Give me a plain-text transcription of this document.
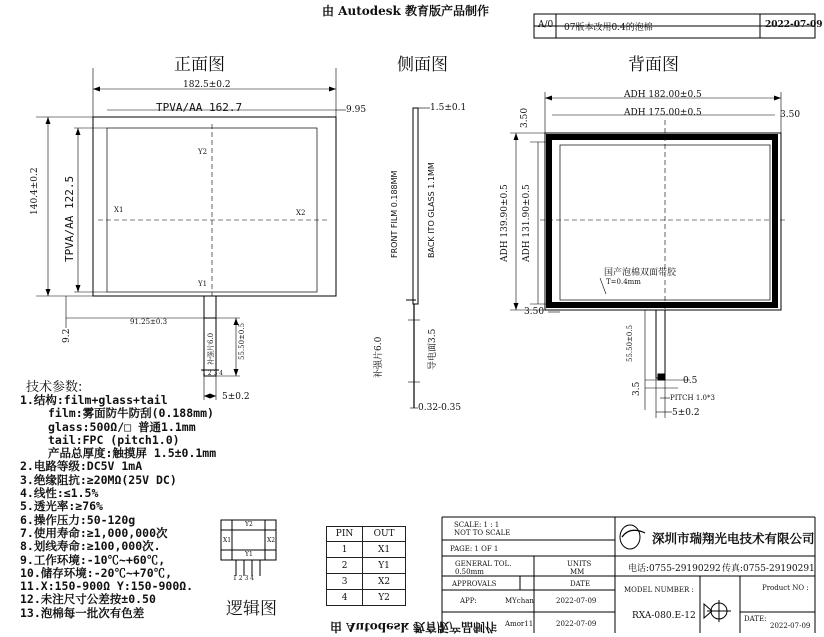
由 Autodesk 教育版产品制作
由 Autodesk 教育版产品制作
A/0 07版本改用0.4的泡棉	2022-07-09
正面图	侧面图	背面图
逻辑图
182.5±0.2
TPVA/AA 162.7	9.95
140.4±0.2 TPVA/AA 122.5
9.2
91.25±0.3
55.50±0.5
补强片6.0
1 2 3 4
5±0.2
X1	X2
Y2
Y1
1.5±0.1
FRONT FILM 0.188MM	BACK ITO GLASS 1.1MM
补强片6.0	导电面3.5
0.32-0.35
ADH 182.00±0.5
ADH 175.00±0.5	3.50
3.50
ADH 139.90±0.5 ADH 131.90±0.5
3.50
国产泡棉双面带胶
T=0.4mm
55.50±0.5
0.5
3.5
PITCH 1.0*3
5±0.2
技术参数:
1.结构:film+glass+tail
film:雾面防牛防刮(0.188mm)
glass:500Ω/□ 普通1.1mm
tail:FPC (pitch1.0)
产品总厚度:触摸屏 1.5±0.1mm
2.电路等级:DC5V 1mA
3.绝缘阻抗:≥20MΩ(25V DC)
4.线性:≤1.5%
5.透光率:≥76%
6.操作压力:50-120g
7.使用寿命:≥1,000,000次
8.划线寿命:≥100,000次.
9.工作环境:-10℃~+60℃,
10.储存环境:-20℃~+70℃,
11.X:150-900Ω Y:150-900Ω.
12.未注尺寸公差按±0.50
13.泡棉每一批次有色差
Y2
X1	X2
Y1
1 2 3 4
PIN	OUT
1	X1
2	Y1
3	X2
4	Y2
SCALE: 1 : 1
NOT TO SCALE
PAGE: 1 OF 1
GENERAL TOL.
0.50mm
UNITS
MM
APPROVALS	DATE
APP:	MYchan	2022-07-09
Amor11	2022-07-09
深圳市瑞翔光电技术有限公司
电话:0755-29190292 传真:0755-29190291
MODEL NUMBER :
RXA-080.E-12
Product NO :
DATE:
2022-07-09
